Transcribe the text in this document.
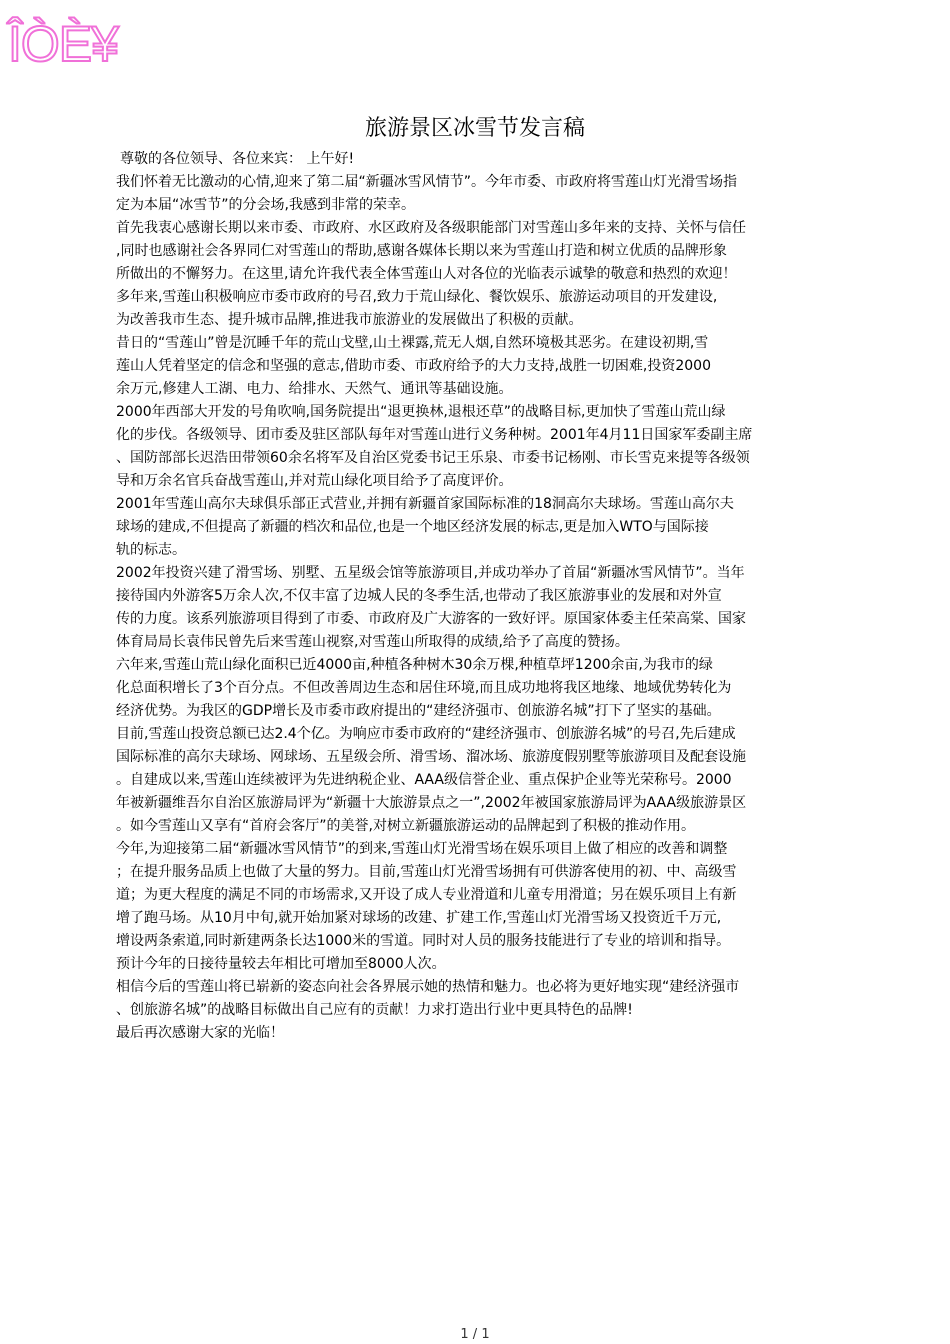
ÎÒÈ¥
旅游景区冰雪节发言稿
尊敬的各位领导、各位来宾： 上午好!
我们怀着无比激动的心情,迎来了第二届“新疆冰雪风情节”。今年市委、市政府将雪莲山灯光滑雪场指
定为本届“冰雪节”的分会场,我感到非常的荣幸。
首先我衷心感谢长期以来市委、市政府、水区政府及各级职能部门对雪莲山多年来的支持、关怀与信任
,同时也感谢社会各界同仁对雪莲山的帮助,感谢各媒体长期以来为雪莲山打造和树立优质的品牌形象
所做出的不懈努力。在这里,请允许我代表全体雪莲山人对各位的光临表示诚挚的敬意和热烈的欢迎！
多年来,雪莲山积极响应市委市政府的号召,致力于荒山绿化、餐饮娱乐、旅游运动项目的开发建设,
为改善我市生态、提升城市品牌,推进我市旅游业的发展做出了积极的贡献。
昔日的“雪莲山”曾是沉睡千年的荒山戈壁,山土裸露,荒无人烟,自然环境极其恶劣。在建设初期,雪
莲山人凭着坚定的信念和坚强的意志,借助市委、市政府给予的大力支持,战胜一切困难,投资2000
余万元,修建人工湖、电力、给排水、天然气、通讯等基础设施。
2000年西部大开发的号角吹响,国务院提出“退更换林,退根还草”的战略目标,更加快了雪莲山荒山绿
化的步伐。各级领导、团市委及驻区部队每年对雪莲山进行义务种树。2001年4月11日国家军委副主席
、国防部部长迟浩田带领60余名将军及自治区党委书记王乐泉、市委书记杨刚、市长雪克来提等各级领
导和万余名官兵奋战雪莲山,并对荒山绿化项目给予了高度评价。
2001年雪莲山高尔夫球俱乐部正式营业,并拥有新疆首家国际标准的18洞高尔夫球场。雪莲山高尔夫
球场的建成,不但提高了新疆的档次和品位,也是一个地区经济发展的标志,更是加入WTO与国际接
轨的标志。
2002年投资兴建了滑雪场、别墅、五星级会馆等旅游项目,并成功举办了首届“新疆冰雪风情节”。当年
接待国内外游客5万余人次,不仅丰富了边城人民的冬季生活,也带动了我区旅游事业的发展和对外宣
传的力度。该系列旅游项目得到了市委、市政府及广大游客的一致好评。原国家体委主任荣高棠、国家
体育局局长袁伟民曾先后来雪莲山视察,对雪莲山所取得的成绩,给予了高度的赞扬。
六年来,雪莲山荒山绿化面积已近4000亩,种植各种树木30余万棵,种植草坪1200余亩,为我市的绿
化总面积增长了3个百分点。不但改善周边生态和居住环境,而且成功地将我区地缘、地域优势转化为
经济优势。为我区的GDP增长及市委市政府提出的“建经济强市、创旅游名城”打下了坚实的基础。
目前,雪莲山投资总额已达2.4个亿。为响应市委市政府的“建经济强市、创旅游名城”的号召,先后建成
国际标准的高尔夫球场、网球场、五星级会所、滑雪场、溜冰场、旅游度假别墅等旅游项目及配套设施
。自建成以来,雪莲山连续被评为先进纳税企业、AAA级信誉企业、重点保护企业等光荣称号。2000
年被新疆维吾尔自治区旅游局评为“新疆十大旅游景点之一”,2002年被国家旅游局评为AAA级旅游景区
。如今雪莲山又享有“首府会客厅”的美誉,对树立新疆旅游运动的品牌起到了积极的推动作用。
今年,为迎接第二届“新疆冰雪风情节”的到来,雪莲山灯光滑雪场在娱乐项目上做了相应的改善和调整
；在提升服务品质上也做了大量的努力。目前,雪莲山灯光滑雪场拥有可供游客使用的初、中、高级雪
道；为更大程度的满足不同的市场需求,又开设了成人专业滑道和儿童专用滑道；另在娱乐项目上有新
增了跑马场。从10月中旬,就开始加紧对球场的改建、扩建工作,雪莲山灯光滑雪场又投资近千万元,
增设两条索道,同时新建两条长达1000米的雪道。同时对人员的服务技能进行了专业的培训和指导。
预计今年的日接待量较去年相比可增加至8000人次。
相信今后的雪莲山将已崭新的姿态向社会各界展示她的热情和魅力。也必将为更好地实现“建经济强市
、创旅游名城”的战略目标做出自己应有的贡献！力求打造出行业中更具特色的品牌!
最后再次感谢大家的光临！
1 / 1
